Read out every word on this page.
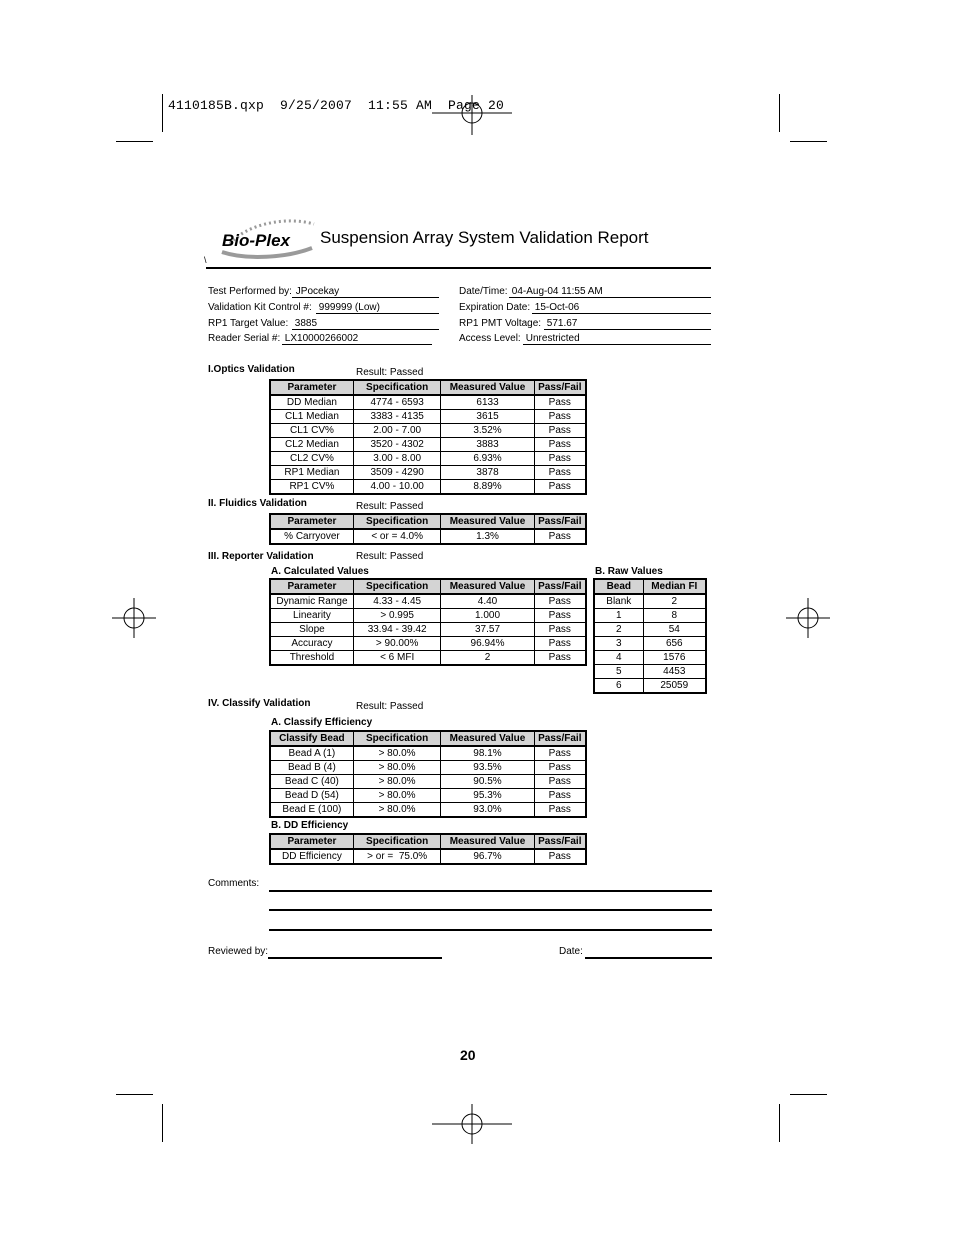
4110185B.qxp  9/25/2007  11:55 AM  Page 20
Bio-Plex Suspension Array System Validation Report
\
Test Performed by: JPocekay
Validation Kit Control #: 999999 (Low)
RP1 Target Value: 3885
Reader Serial #: LX10000266002
Date/Time: 04-Aug-04 11:55 AM
Expiration Date: 15-Oct-06
RP1 PMT Voltage: 571.67
Access Level: Unrestricted
I.Optics Validation	Result: Passed
Parameter	Specification	Measured Value	Pass/Fail
DD Median	4774 - 6593	6133	Pass
CL1 Median	3383 - 4135	3615	Pass
CL1 CV%	2.00 - 7.00	3.52%	Pass
CL2 Median	3520 - 4302	3883	Pass
CL2 CV%	3.00 - 8.00	6.93%	Pass
RP1 Median	3509 - 4290	3878	Pass
RP1 CV%	4.00 - 10.00	8.89%	Pass
II. Fluidics Validation	Result: Passed
Parameter	Specification	Measured Value	Pass/Fail
% Carryover	< or = 4.0%	1.3%	Pass
III. Reporter Validation	Result: Passed
A. Calculated Values	B. Raw Values
Parameter	Specification	Measured Value	Pass/Fail
Dynamic Range	4.33 - 4.45	4.40	Pass
Linearity	> 0.995	1.000	Pass
Slope	33.94 - 39.42	37.57	Pass
Accuracy	> 90.00%	96.94%	Pass
Threshold	< 6 MFI	2	Pass
Bead	Median FI
Blank	2
1	8
2	54
3	656
4	1576
5	4453
6	25059
IV. Classify Validation	Result: Passed
A. Classify Efficiency
Classify Bead	Specification	Measured Value	Pass/Fail
Bead A (1)	> 80.0%	98.1%	Pass
Bead B (4)	> 80.0%	93.5%	Pass
Bead C (40)	> 80.0%	90.5%	Pass
Bead D (54)	> 80.0%	95.3%	Pass
Bead E (100)	> 80.0%	93.0%	Pass
B. DD Efficiency
Parameter	Specification	Measured Value	Pass/Fail
DD Efficiency	> or =  75.0%	96.7%	Pass
Comments:
Reviewed by:	Date:
20
